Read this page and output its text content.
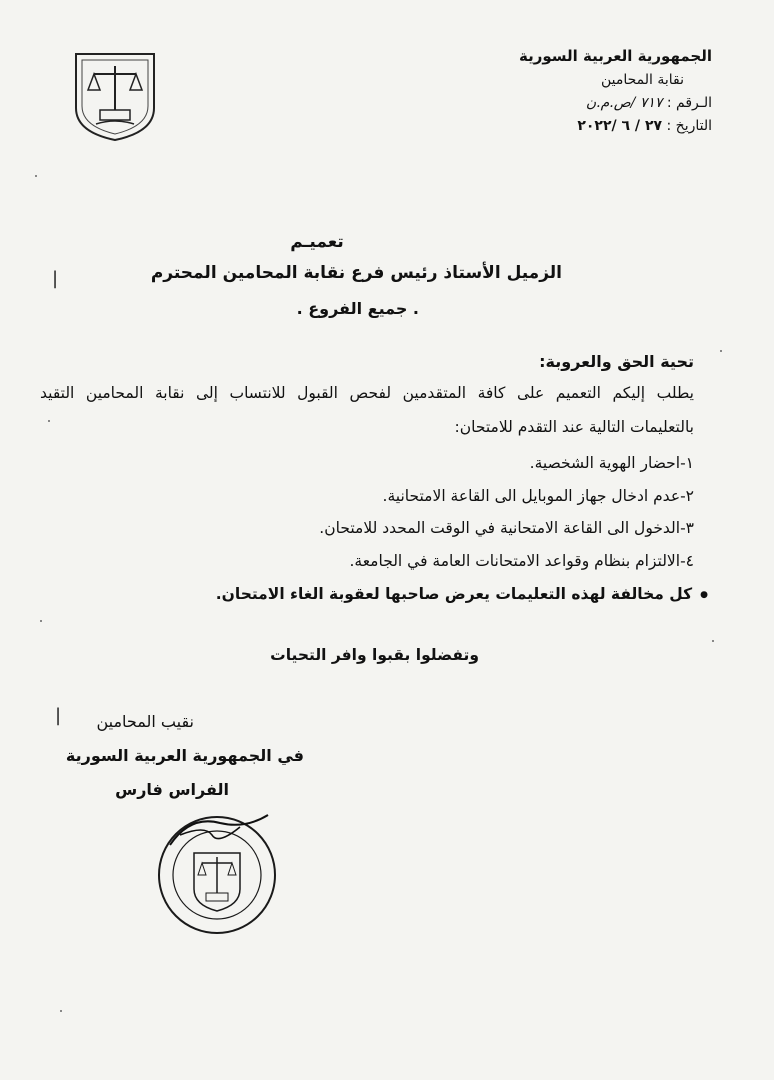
الجمهورية العربية السورية
نقابة المحامين
الـرقم : ٧١٧ /ص.م.ن
التاريخ : ٢٧ / ٦ /٢٠٢٢
تعميـم
الزميل الأستاذ رئيس فرع نقابة المحامين المحترم
. جميع الفروع .
تحية الحق والعروبة:
يطلب إليكم التعميم على كافة المتقدمين لفحص القبول للانتساب إلى نقابة المحامين التقيد
بالتعليمات التالية عند التقدم للامتحان:
١-احضار الهوية الشخصية.
٢-عدم ادخال جهاز الموبايل الى القاعة الامتحانية.
٣-الدخول الى القاعة الامتحانية في الوقت المحدد للامتحان.
٤-الالتزام بنظام وقواعد الامتحانات العامة في الجامعة.
● كل مخالفة لهذه التعليمات يعرض صاحبها لعقوبة الغاء الامتحان.
وتفضلوا بقبوا وافر التحيات
نقيب المحامين
في الجمهورية العربية السورية
الفراس فارس
|
|
